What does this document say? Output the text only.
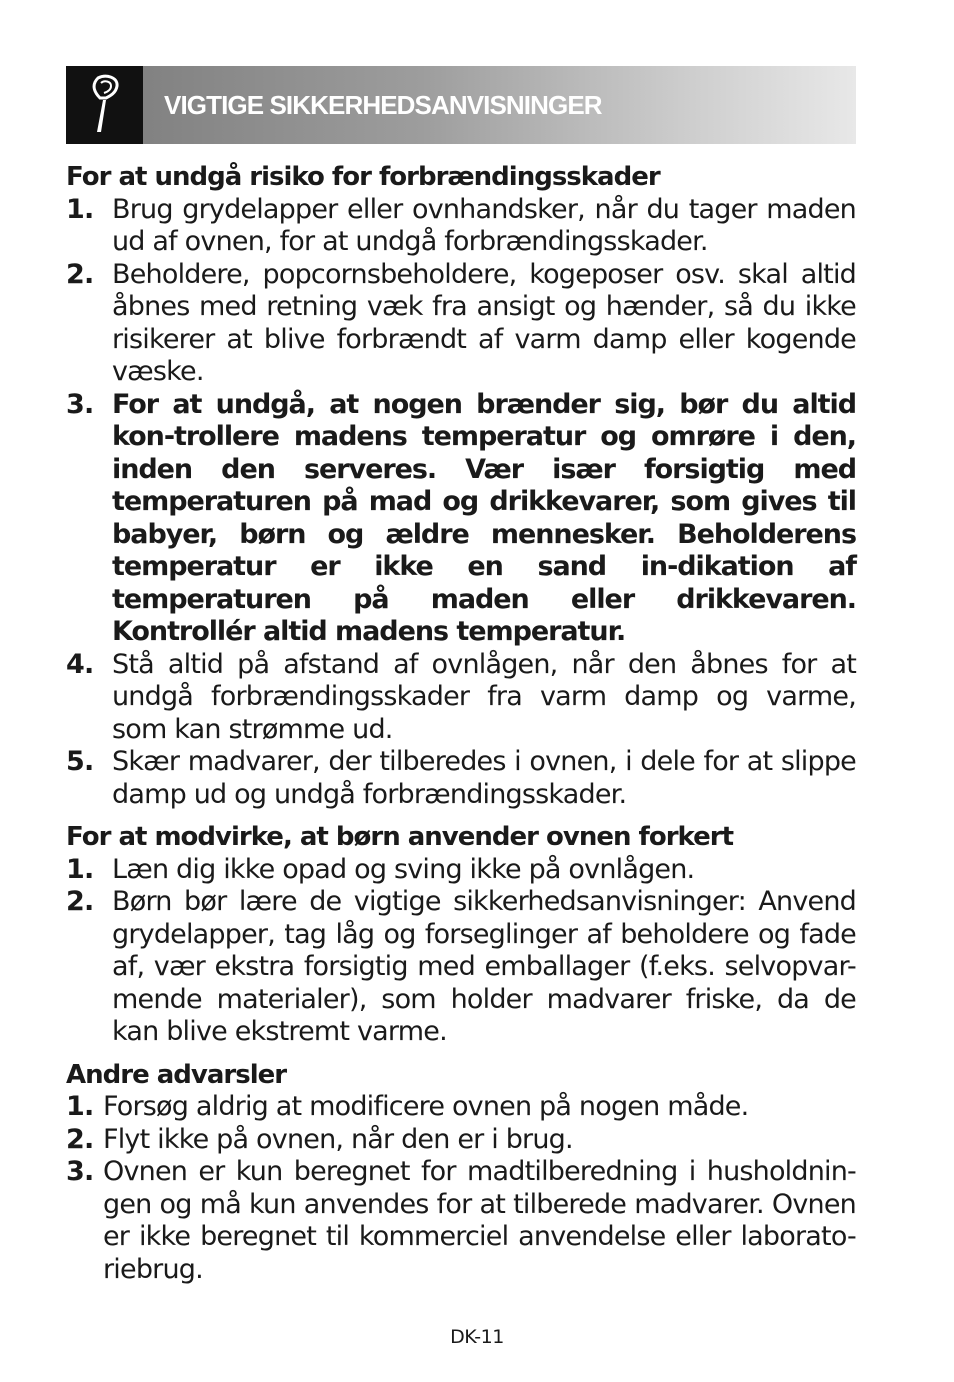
VIGTIGE SIKKERHEDSANVISNINGER
For at undgå risiko for forbrændingsskader
1. Brug grydelapper eller ovnhandsker, når du tager maden ud af ovnen, for at undgå forbrændingsskader.
2. Beholdere, popcornsbeholdere, kogeposer osv. skal altid åbnes med retning væk fra ansigt og hænder, så du ikke risikerer at blive forbrændt af varm damp eller kogende væske.
3. For at undgå, at nogen brænder sig, bør du altid kon-trollere madens temperatur og omrøre i den, inden den serveres. Vær især forsigtig med temperaturen på mad og drikkevarer, som gives til babyer, børn og ældre mennesker. Beholderens temperatur er ikke en sand in-dikation af temperaturen på maden eller drikkevaren. Kontrollér altid madens temperatur.
4. Stå altid på afstand af ovnlågen, når den åbnes for at undgå forbrændingsskader fra varm damp og varme, som kan strømme ud.
5. Skær madvarer, der tilberedes i ovnen, i dele for at slippe damp ud og undgå forbrændingsskader.
For at modvirke, at børn anvender ovnen forkert
1. Læn dig ikke opad og sving ikke på ovnlågen.
2. Børn bør lære de vigtige sikkerhedsanvisninger: Anvend grydelapper, tag låg og forseglinger af beholdere og fade af, vær ekstra forsigtig med emballager (f.eks. selvopvar-mende materialer), som holder madvarer friske, da de kan blive ekstremt varme.
Andre advarsler
1. Forsøg aldrig at modificere ovnen på nogen måde.
2. Flyt ikke på ovnen, når den er i brug.
3. Ovnen er kun beregnet for madtilberedning i husholdnin-gen og må kun anvendes for at tilberede madvarer. Ovnen er ikke beregnet til kommerciel anvendelse eller laborato-riebrug.
DK-11
